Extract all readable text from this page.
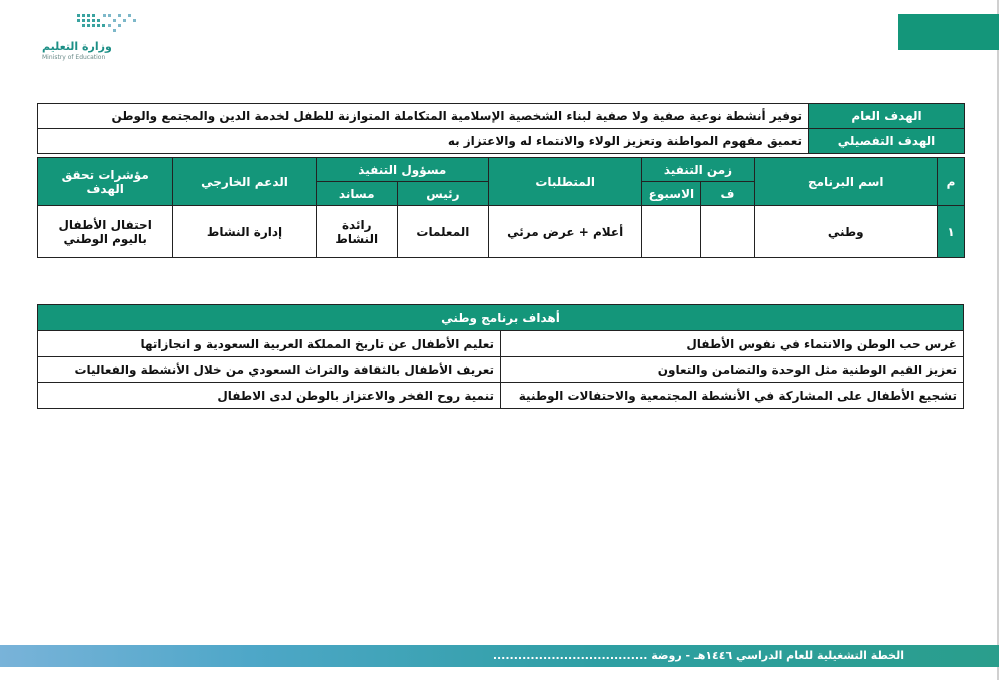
وزارة التعليم
Ministry of Education
الهدف العام	توفير أنشطة نوعية صفية ولا صفية لبناء الشخصية الإسلامية المتكاملة المتوازنة للطفل لخدمة الدين والمجتمع والوطن
الهدف التفصيلي	تعميق مفهوم المواطنة وتعزيز الولاء والانتماء له والاعتزاز به
م	اسم البرنامج	زمن التنفيذ		المتطلبات	مسؤول التنفيذ		الدعم الخارجي	مؤشرات تحقق الهدف
		ف	الاسبوع		رئيس	مساند		
١	وطني			أعلام + عرض مرئي	المعلمات	رائدة النشاط	إدارة النشاط	احتفال الأطفال باليوم الوطني
أهداف برنامج وطني	
غرس حب الوطن والانتماء في نفوس الأطفال	تعليم الأطفال عن تاريخ المملكة العربية السعودية و انجازاتها
تعزيز القيم الوطنية مثل الوحدة والتضامن والتعاون	تعريف الأطفال بالثقافة والتراث السعودي من خلال الأنشطة والفعاليات
تشجيع الأطفال على المشاركة في الأنشطة المجتمعية والاحتفالات الوطنية	تنمية روح الفخر والاعتزاز بالوطن لدى الاطفال
الخطة التشغيلية للعام الدراسي ١٤٤٦هـ - روضة .....................................
